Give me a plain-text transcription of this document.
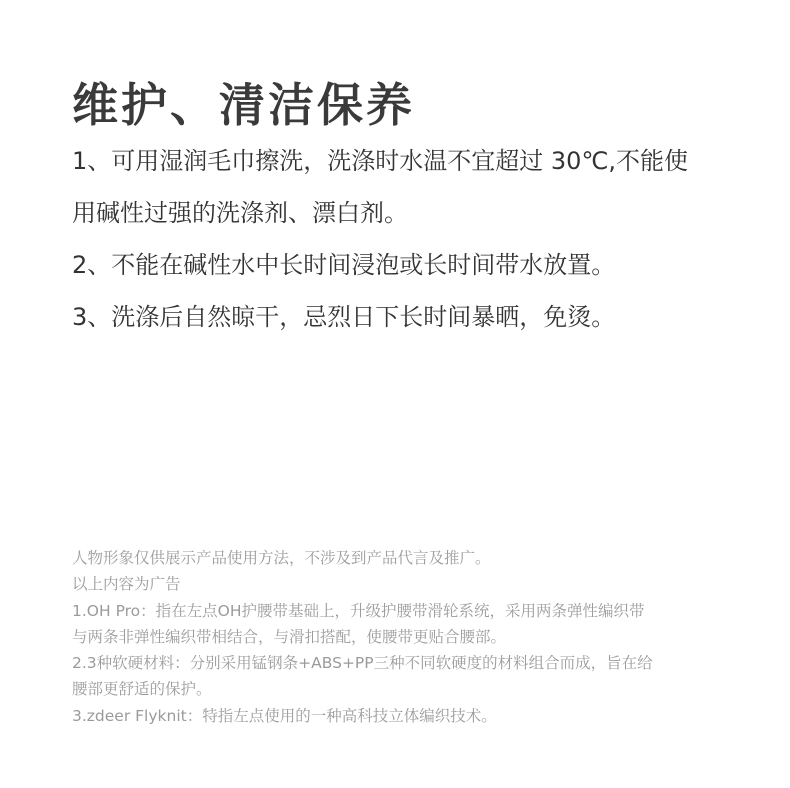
维护、清洁保养
1、可用湿润毛巾擦洗，洗涤时水温不宜超过 30℃,不能使
用碱性过强的洗涤剂、漂白剂。
2、不能在碱性水中长时间浸泡或长时间带水放置。
3、洗涤后自然晾干，忌烈日下长时间暴晒，免烫。
人物形象仅供展示产品使用方法，不涉及到产品代言及推广。
以上内容为广告
1.OH Pro：指在左点OH护腰带基础上，升级护腰带滑轮系统，采用两条弹性编织带
与两条非弹性编织带相结合，与滑扣搭配，使腰带更贴合腰部。
2.3种软硬材料：分别采用锰钢条+ABS+PP三种不同软硬度的材料组合而成，旨在给
腰部更舒适的保护。
3.zdeer Flyknit：特指左点使用的一种高科技立体编织技术。
